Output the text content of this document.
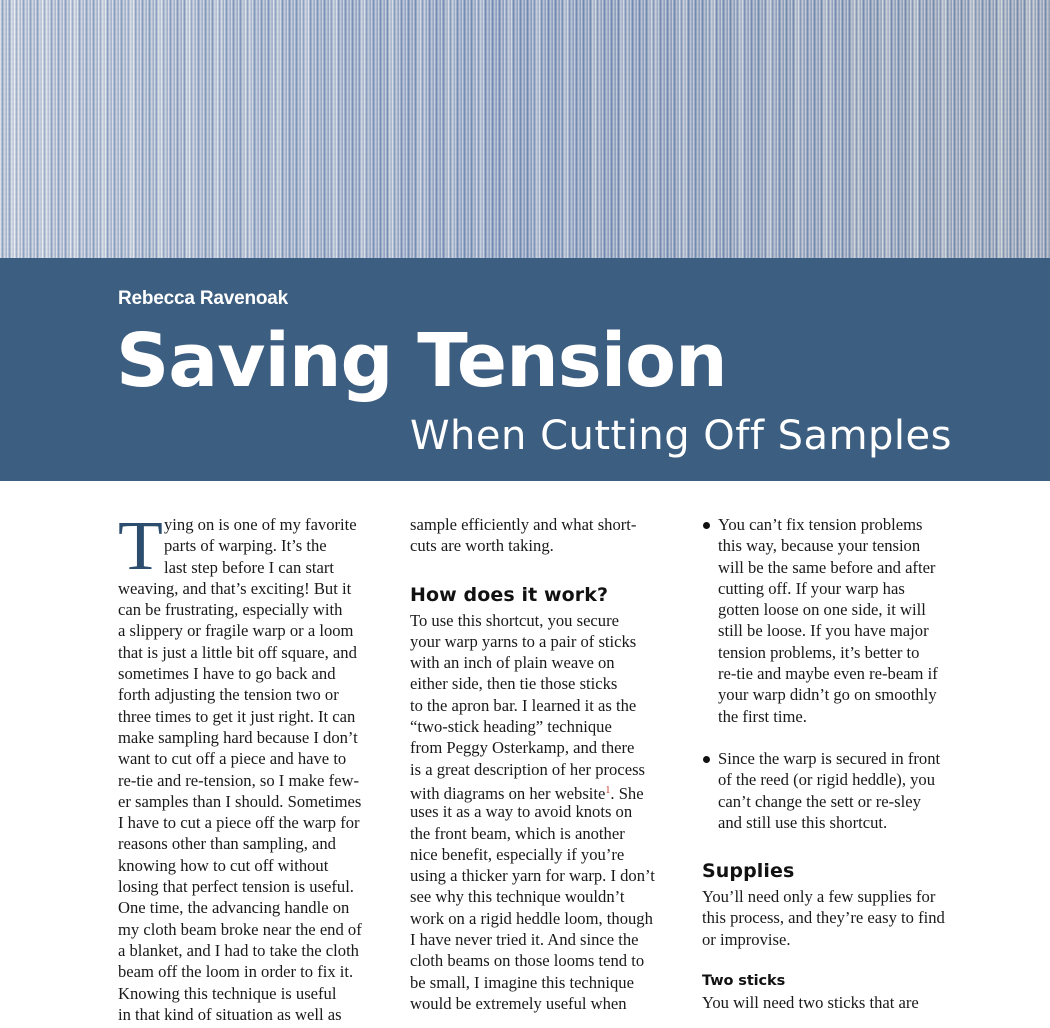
Rebecca Ravenoak
Saving Tension
When Cutting Off Samples
T ying on is one of my favorite
parts of warping. It’s the
last step before I can start
weaving, and that’s exciting! But it
can be frustrating, especially with
a slippery or fragile warp or a loom
that is just a little bit off square, and
sometimes I have to go back and
forth adjusting the tension two or
three times to get it just right. It can
make sampling hard because I don’t
want to cut off a piece and have to
re-tie and re-tension, so I make few-
er samples than I should. Sometimes
I have to cut a piece off the warp for
reasons other than sampling, and
knowing how to cut off without
losing that perfect tension is useful.
One time, the advancing handle on
my cloth beam broke near the end of
a blanket, and I had to take the cloth
beam off the loom in order to fix it.
Knowing this technique is useful
in that kind of situation as well as
sample efficiently and what short-
cuts are worth taking.
How does it work?
To use this shortcut, you secure
your warp yarns to a pair of sticks
with an inch of plain weave on
either side, then tie those sticks
to the apron bar. I learned it as the
“two-stick heading” technique
from Peggy Osterkamp, and there
is a great description of her process
with diagrams on her website$^1$. She
uses it as a way to avoid knots on
the front beam, which is another
nice benefit, especially if you’re
using a thicker yarn for warp. I don’t
see why this technique wouldn’t
work on a rigid heddle loom, though
I have never tried it. And since the
cloth beams on those looms tend to
be small, I imagine this technique
would be extremely useful when
You can’t fix tension problems
this way, because your tension
will be the same before and after
cutting off. If your warp has
gotten loose on one side, it will
still be loose. If you have major
tension problems, it’s better to
re-tie and maybe even re-beam if
your warp didn’t go on smoothly
the first time.
Since the warp is secured in front
of the reed (or rigid heddle), you
can’t change the sett or re-sley
and still use this shortcut.
Supplies
You’ll need only a few supplies for
this process, and they’re easy to find
or improvise.
Two sticks
You will need two sticks that are
